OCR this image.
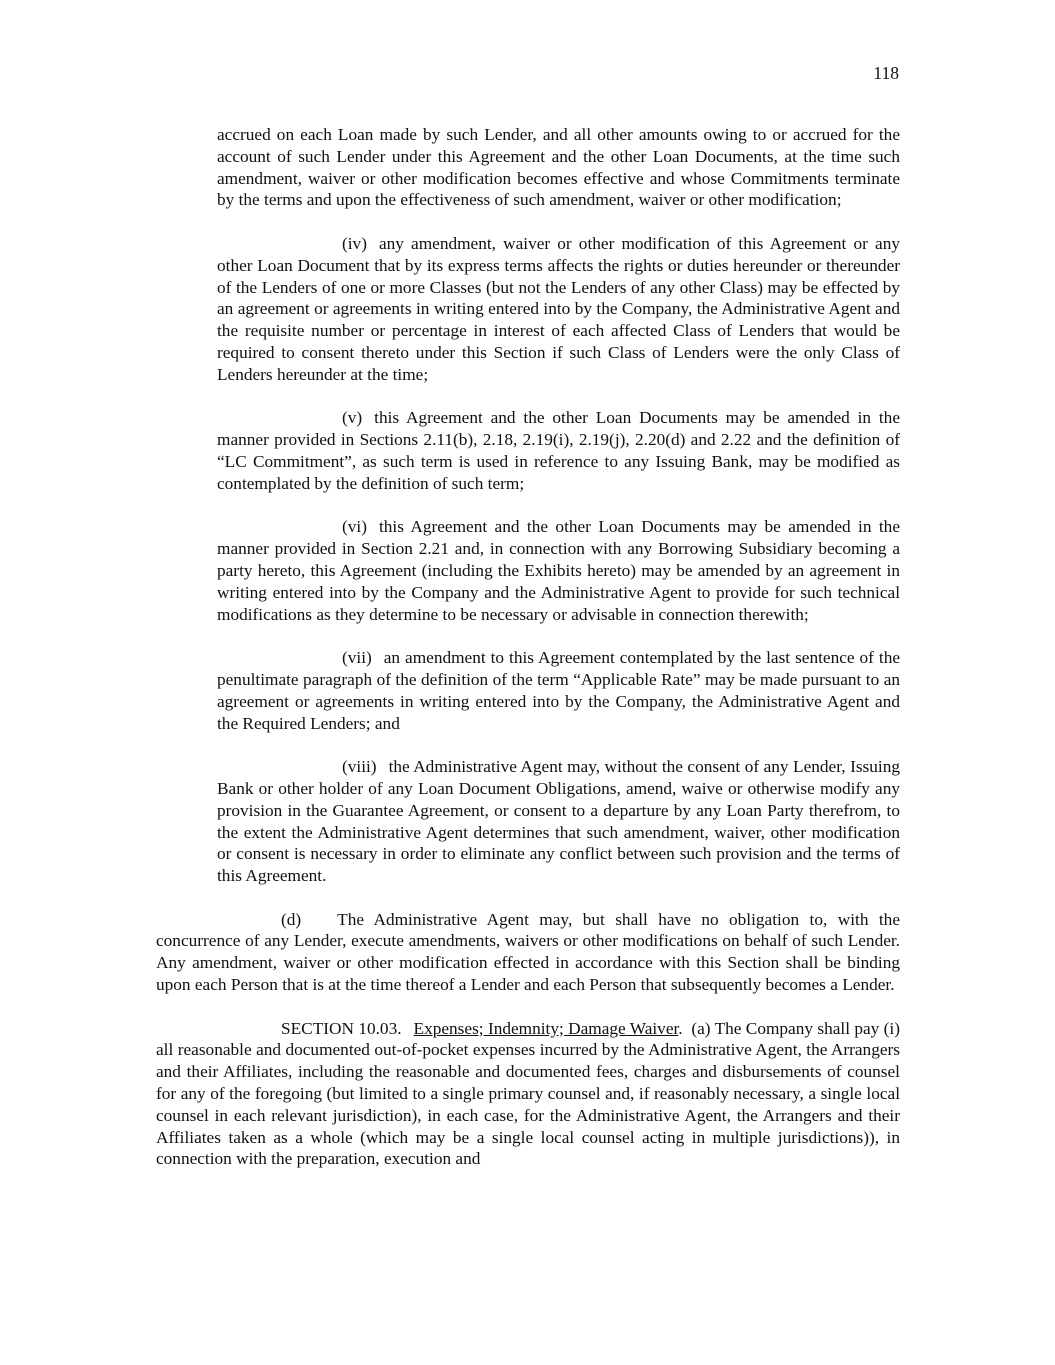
118

accrued on each Loan made by such Lender, and all other amounts owing to or accrued for the account of such Lender under this Agreement and the other Loan Documents, at the time such amendment, waiver or other modification becomes effective and whose Commitments terminate by the terms and upon the effectiveness of such amendment, waiver or other modification;

(iv) any amendment, waiver or other modification of this Agreement or any other Loan Document that by its express terms affects the rights or duties hereunder or thereunder of the Lenders of one or more Classes (but not the Lenders of any other Class) may be effected by an agreement or agreements in writing entered into by the Company, the Administrative Agent and the requisite number or percentage in interest of each affected Class of Lenders that would be required to consent thereto under this Section if such Class of Lenders were the only Class of Lenders hereunder at the time;

(v) this Agreement and the other Loan Documents may be amended in the manner provided in Sections 2.11(b), 2.18, 2.19(i), 2.19(j), 2.20(d) and 2.22 and the definition of “LC Commitment”, as such term is used in reference to any Issuing Bank, may be modified as contemplated by the definition of such term;

(vi) this Agreement and the other Loan Documents may be amended in the manner provided in Section 2.21 and, in connection with any Borrowing Subsidiary becoming a party hereto, this Agreement (including the Exhibits hereto) may be amended by an agreement in writing entered into by the Company and the Administrative Agent to provide for such technical modifications as they determine to be necessary or advisable in connection therewith;

(vii) an amendment to this Agreement contemplated by the last sentence of the penultimate paragraph of the definition of the term “Applicable Rate” may be made pursuant to an agreement or agreements in writing entered into by the Company, the Administrative Agent and the Required Lenders; and

(viii) the Administrative Agent may, without the consent of any Lender, Issuing Bank or other holder of any Loan Document Obligations, amend, waive or otherwise modify any provision in the Guarantee Agreement, or consent to a departure by any Loan Party therefrom, to the extent the Administrative Agent determines that such amendment, waiver, other modification or consent is necessary in order to eliminate any conflict between such provision and the terms of this Agreement.

(d) The Administrative Agent may, but shall have no obligation to, with the concurrence of any Lender, execute amendments, waivers or other modifications on behalf of such Lender. Any amendment, waiver or other modification effected in accordance with this Section shall be binding upon each Person that is at the time thereof a Lender and each Person that subsequently becomes a Lender.

SECTION 10.03. Expenses; Indemnity; Damage Waiver.  (a) The Company shall pay (i) all reasonable and documented out-of-pocket expenses incurred by the Administrative Agent, the Arrangers and their Affiliates, including the reasonable and documented fees, charges and disbursements of counsel for any of the foregoing (but limited to a single primary counsel and, if reasonably necessary, a single local counsel in each relevant jurisdiction), in each case, for the Administrative Agent, the Arrangers and their Affiliates taken as a whole (which may be a single local counsel acting in multiple jurisdictions)), in connection with the preparation, execution and
